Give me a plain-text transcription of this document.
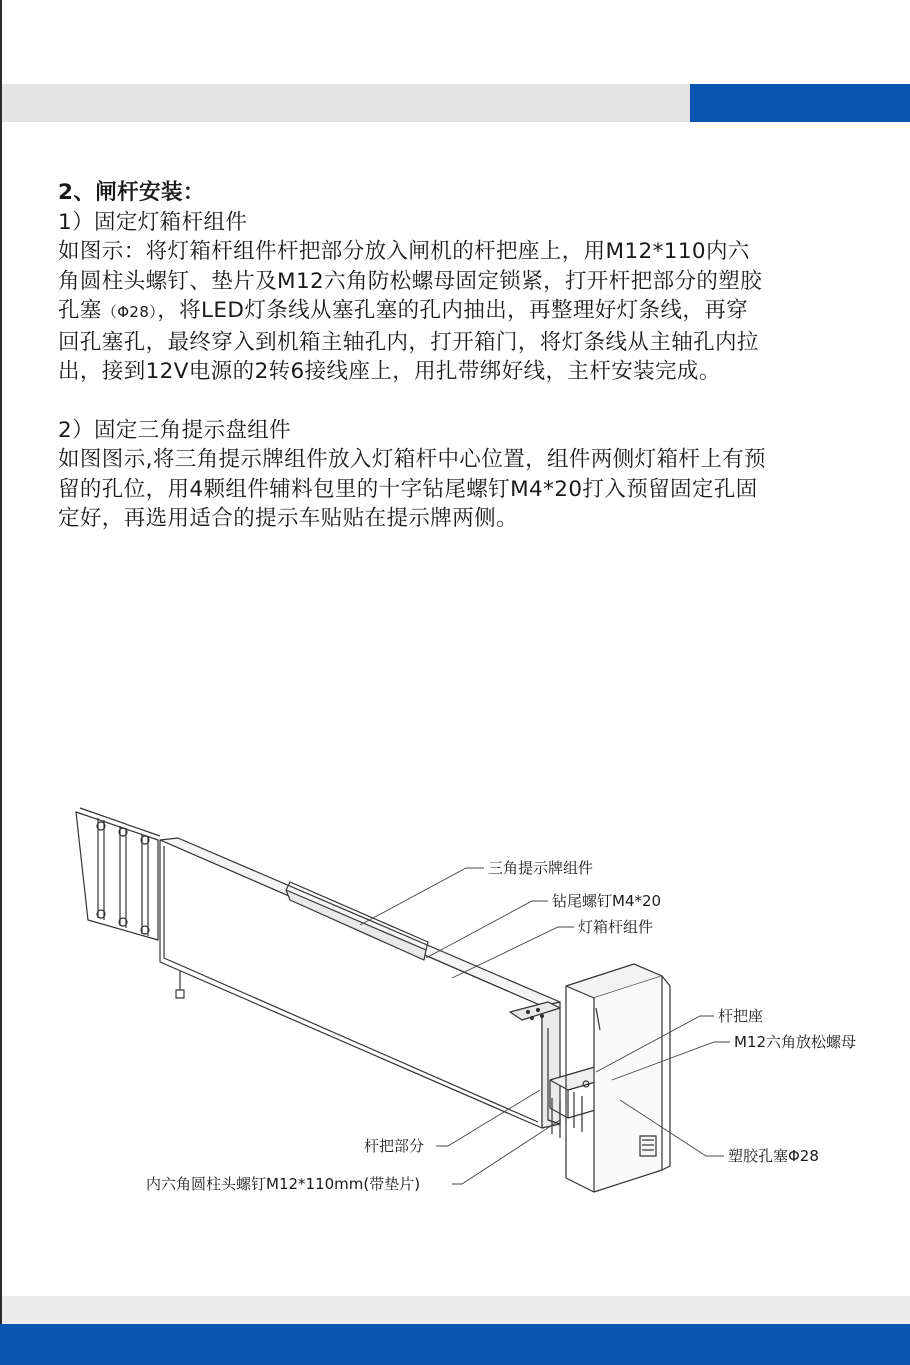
2、闸杆安装：
1）固定灯箱杆组件
如图示：将灯箱杆组件杆把部分放入闸机的杆把座上，用M12*110内六
角圆柱头螺钉、垫片及M12六角防松螺母固定锁紧，打开杆把部分的塑胶
孔塞（Φ28），将LED灯条线从塞孔塞的孔内抽出，再整理好灯条线，再穿
回孔塞孔，最终穿入到机箱主轴孔内，打开箱门，将灯条线从主轴孔内拉
出，接到12V电源的2转6接线座上，用扎带绑好线，主杆安装完成。
2）固定三角提示盘组件
如图图示,将三角提示牌组件放入灯箱杆中心位置，组件两侧灯箱杆上有预
留的孔位，用4颗组件辅料包里的十字钻尾螺钉M4*20打入预留固定孔固
定好，再选用适合的提示车贴贴在提示牌两侧。
三角提示牌组件
钻尾螺钉M4*20
灯箱杆组件
杆把座
M12六角放松螺母
杆把部分
内六角圆柱头螺钉M12*110mm(带垫片)
塑胶孔塞Φ28
